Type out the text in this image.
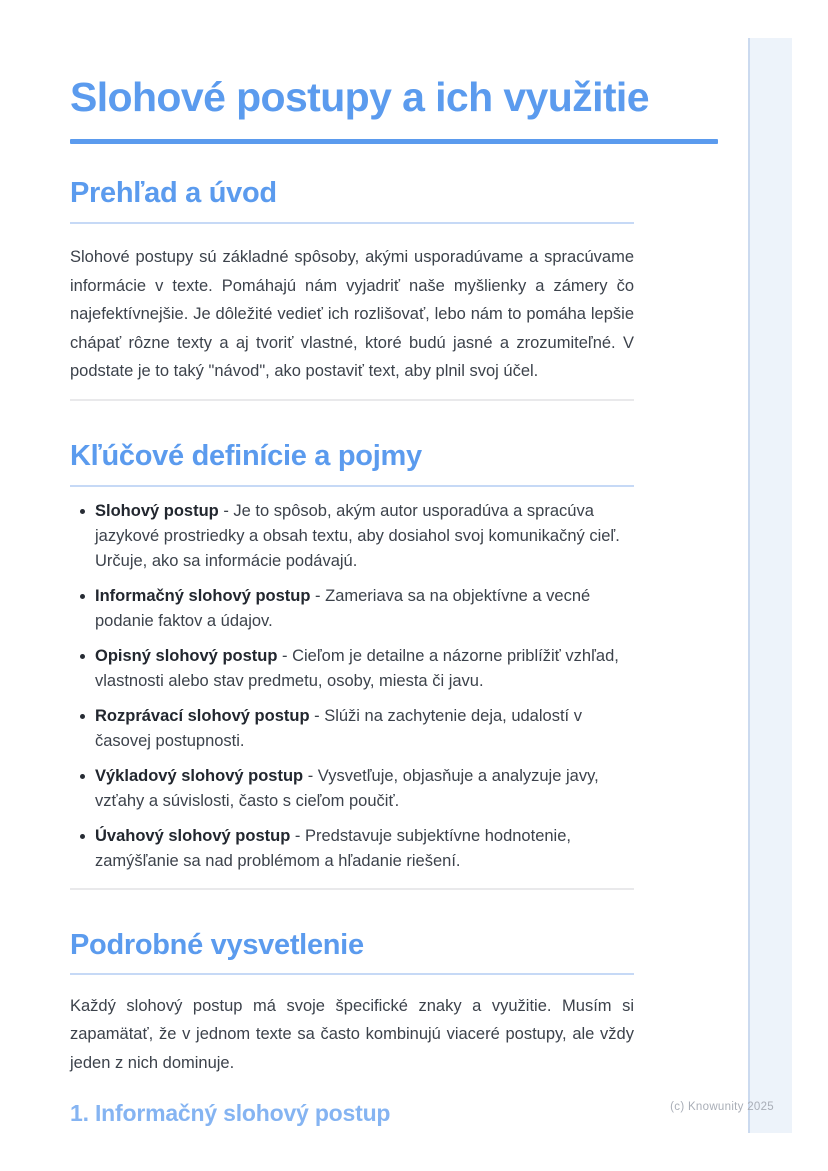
Slohové postupy a ich využitie
Prehľad a úvod

Slohové postupy sú základné spôsoby, akými usporadúvame a spracúvame informácie v texte. Pomáhajú nám vyjadriť naše myšlienky a zámery čo najefektívnejšie. Je dôležité vedieť ich rozlišovať, lebo nám to pomáha lepšie chápať rôzne texty a aj tvoriť vlastné, ktoré budú jasné a zrozumiteľné. V podstate je to taký "návod", ako postaviť text, aby plnil svoj účel.

Kľúčové definície a pojmy
Slohový postup - Je to spôsob, akým autor usporadúva a spracúva jazykové prostriedky a obsah textu, aby dosiahol svoj komunikačný cieľ. Určuje, ako sa informácie podávajú.
Informačný slohový postup - Zameriava sa na objektívne a vecné podanie faktov a údajov.
Opisný slohový postup - Cieľom je detailne a názorne priblížiť vzhľad, vlastnosti alebo stav predmetu, osoby, miesta či javu.
Rozprávací slohový postup - Slúži na zachytenie deja, udalostí v časovej postupnosti.
Výkladový slohový postup - Vysvetľuje, objasňuje a analyzuje javy, vzťahy a súvislosti, často s cieľom poučiť.
Úvahový slohový postup - Predstavuje subjektívne hodnotenie, zamýšľanie sa nad problémom a hľadanie riešení.
Podrobné vysvetlenie

Každý slohový postup má svoje špecifické znaky a využitie. Musím si zapamätať, že v jednom texte sa často kombinujú viaceré postupy, ale vždy jeden z nich dominuje.

1. Informačný slohový postup	(c) Knowunity 2025
